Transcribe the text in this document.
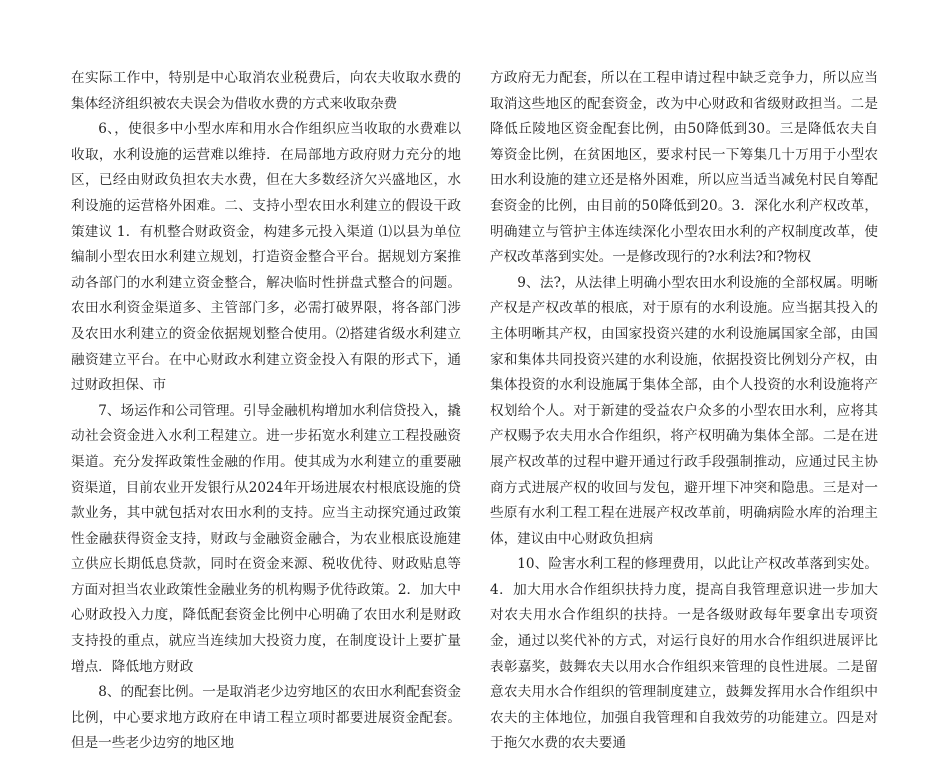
在实际工作中，特别是中心取消农业税费后，向农夫收取水费的集体经济组织被农夫误会为借收水费的方式来收取杂费

6、，使很多中小型水库和用水合作组织应当收取的水费难以收取，水利设施的运营难以维持．在局部地方政府财力充分的地区，已经由财政负担农夫水费，但在大多数经济欠兴盛地区，水利设施的运营格外困难。二、支持小型农田水利建立的假设干政策建议 1．有机整合财政资金，构建多元投入渠道 ⑴以县为单位编制小型农田水利建立规划，打造资金整合平台。据规划方案推动各部门的水利建立资金整合，解决临时性拼盘式整合的问题。农田水利资金渠道多、主管部门多，必需打破界限，将各部门涉及农田水利建立的资金依据规划整合使用。⑵搭建省级水利建立融资建立平台。在中心财政水利建立资金投入有限的形式下，通过财政担保、市

7、场运作和公司管理。引导金融机构增加水利信贷投入，撬动社会资金进入水利工程建立。进一步拓宽水利建立工程投融资渠道。充分发挥政策性金融的作用。使其成为水利建立的重要融资渠道，目前农业开发银行从2024年开场进展农村根底设施的贷款业务，其中就包括对农田水利的支持。应当主动探究通过政策性金融获得资金支持，财政与金融资金融合，为农业根底设施建立供应长期低息贷款，同时在资金来源、税收优待、财政贴息等方面对担当农业政策性金融业务的机构赐予优待政策。2．加大中心财政投入力度，降低配套资金比例中心明确了农田水利是财政支持投的重点，就应当连续加大投资力度，在制度设计上要扩量增点．降低地方财政

8、的配套比例。一是取消老少边穷地区的农田水利配套资金比例，中心要求地方政府在申请工程立项时都要进展资金配套。但是一些老少边穷的地区地

方政府无力配套，所以在工程申请过程中缺乏竞争力，所以应当取消这些地区的配套资金，改为中心财政和省级财政担当。二是降低丘陵地区资金配套比例，由50降低到30。三是降低农夫自筹资金比例，在贫困地区，要求村民一下筹集几十万用于小型农田水利设施的建立还是格外困难，所以应当适当减免村民自筹配套资金的比例，由目前的50降低到20。3．深化水利产权改革，明确建立与管护主体连续深化小型农田水利的产权制度改革，使产权改革落到实处。一是修改现行的?水利法?和?物权

9、法?，从法律上明确小型农田水利设施的全部权属。明晰产权是产权改革的根底，对于原有的水利设施。应当据其投入的主体明晰其产权，由国家投资兴建的水利设施属国家全部，由国家和集体共同投资兴建的水利设施，依据投资比例划分产权，由集体投资的水利设施属于集体全部，由个人投资的水利设施将产权划给个人。对于新建的受益农户众多的小型农田水利，应将其产权赐予农夫用水合作组织，将产权明确为集体全部。二是在进展产权改革的过程中避开通过行政手段强制推动，应通过民主协商方式进展产权的收回与发包，避开埋下冲突和隐患。三是对一些原有水利工程工程在进展产权改革前，明确病险水库的治理主体，建议由中心财政负担病

10、险害水利工程的修理费用，以此让产权改革落到实处。4．加大用水合作组织扶持力度，提高自我管理意识进一步加大对农夫用水合作组织的扶持。一是各级财政每年要拿出专项资金，通过以奖代补的方式，对运行良好的用水合作组织进展评比表彰嘉奖，鼓舞农夫以用水合作组织来管理的良性进展。二是留意农夫用水合作组织的管理制度建立，鼓舞发挥用水合作组织中农夫的主体地位，加强自我管理和自我效劳的功能建立。四是对于拖欠水费的农夫要通
